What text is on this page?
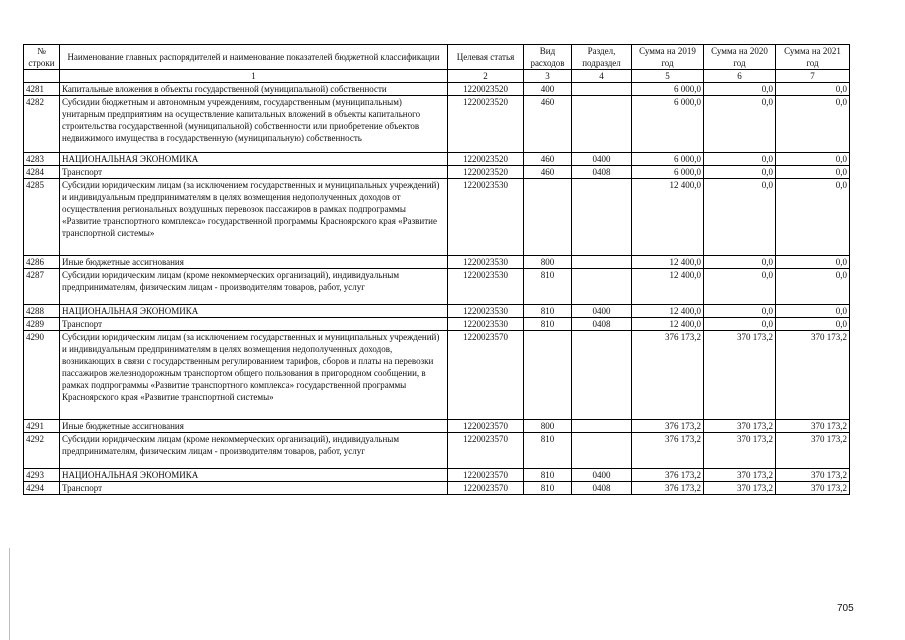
№ строки	Наименование главных распорядителей и наименование показателей бюджетной классификации	Целевая статья	Вид расходов	Раздел, подраздел	Сумма на 2019 год	Сумма на 2020 год	Сумма на 2021 год
	1	2	3	4	5	6	7
4281	Капитальные вложения в объекты государственной (муниципальной) собственности	1220023520	400		6 000,0	0,0	0,0
4282	Субсидии бюджетным и автономным учреждениям, государственным (муниципальным) унитарным предприятиям на осуществление капитальных вложений в объекты капитального строительства государственной (муниципальной) собственности или приобретение объектов недвижимого имущества в государственную (муниципальную) собственность	1220023520	460		6 000,0	0,0	0,0
4283	НАЦИОНАЛЬНАЯ ЭКОНОМИКА	1220023520	460	0400	6 000,0	0,0	0,0
4284	Транспорт	1220023520	460	0408	6 000,0	0,0	0,0
4285	Субсидии юридическим лицам (за исключением государственных и муниципальных учреждений) и индивидуальным предпринимателям в целях возмещения недополученных доходов от осуществления региональных воздушных перевозок пассажиров в рамках подпрограммы «Развитие транспортного комплекса» государственной программы Красноярского края «Развитие транспортной системы»	1220023530			12 400,0	0,0	0,0
4286	Иные бюджетные ассигнования	1220023530	800		12 400,0	0,0	0,0
4287	Субсидии юридическим лицам (кроме некоммерческих организаций), индивидуальным предпринимателям, физическим лицам - производителям товаров, работ, услуг	1220023530	810		12 400,0	0,0	0,0
4288	НАЦИОНАЛЬНАЯ ЭКОНОМИКА	1220023530	810	0400	12 400,0	0,0	0,0
4289	Транспорт	1220023530	810	0408	12 400,0	0,0	0,0
4290	Субсидии юридическим лицам (за исключением государственных и муниципальных учреждений) и индивидуальным предпринимателям в целях возмещения недополученных доходов, возникающих в связи с государственным регулированием тарифов, сборов и платы на перевозки пассажиров железнодорожным транспортом общего пользования в пригородном сообщении, в рамках подпрограммы «Развитие транспортного комплекса» государственной программы Красноярского края «Развитие транспортной системы»	1220023570			376 173,2	370 173,2	370 173,2
4291	Иные бюджетные ассигнования	1220023570	800		376 173,2	370 173,2	370 173,2
4292	Субсидии юридическим лицам (кроме некоммерческих организаций), индивидуальным предпринимателям, физическим лицам - производителям товаров, работ, услуг	1220023570	810		376 173,2	370 173,2	370 173,2
4293	НАЦИОНАЛЬНАЯ ЭКОНОМИКА	1220023570	810	0400	376 173,2	370 173,2	370 173,2
4294	Транспорт	1220023570	810	0408	376 173,2	370 173,2	370 173,2
705
